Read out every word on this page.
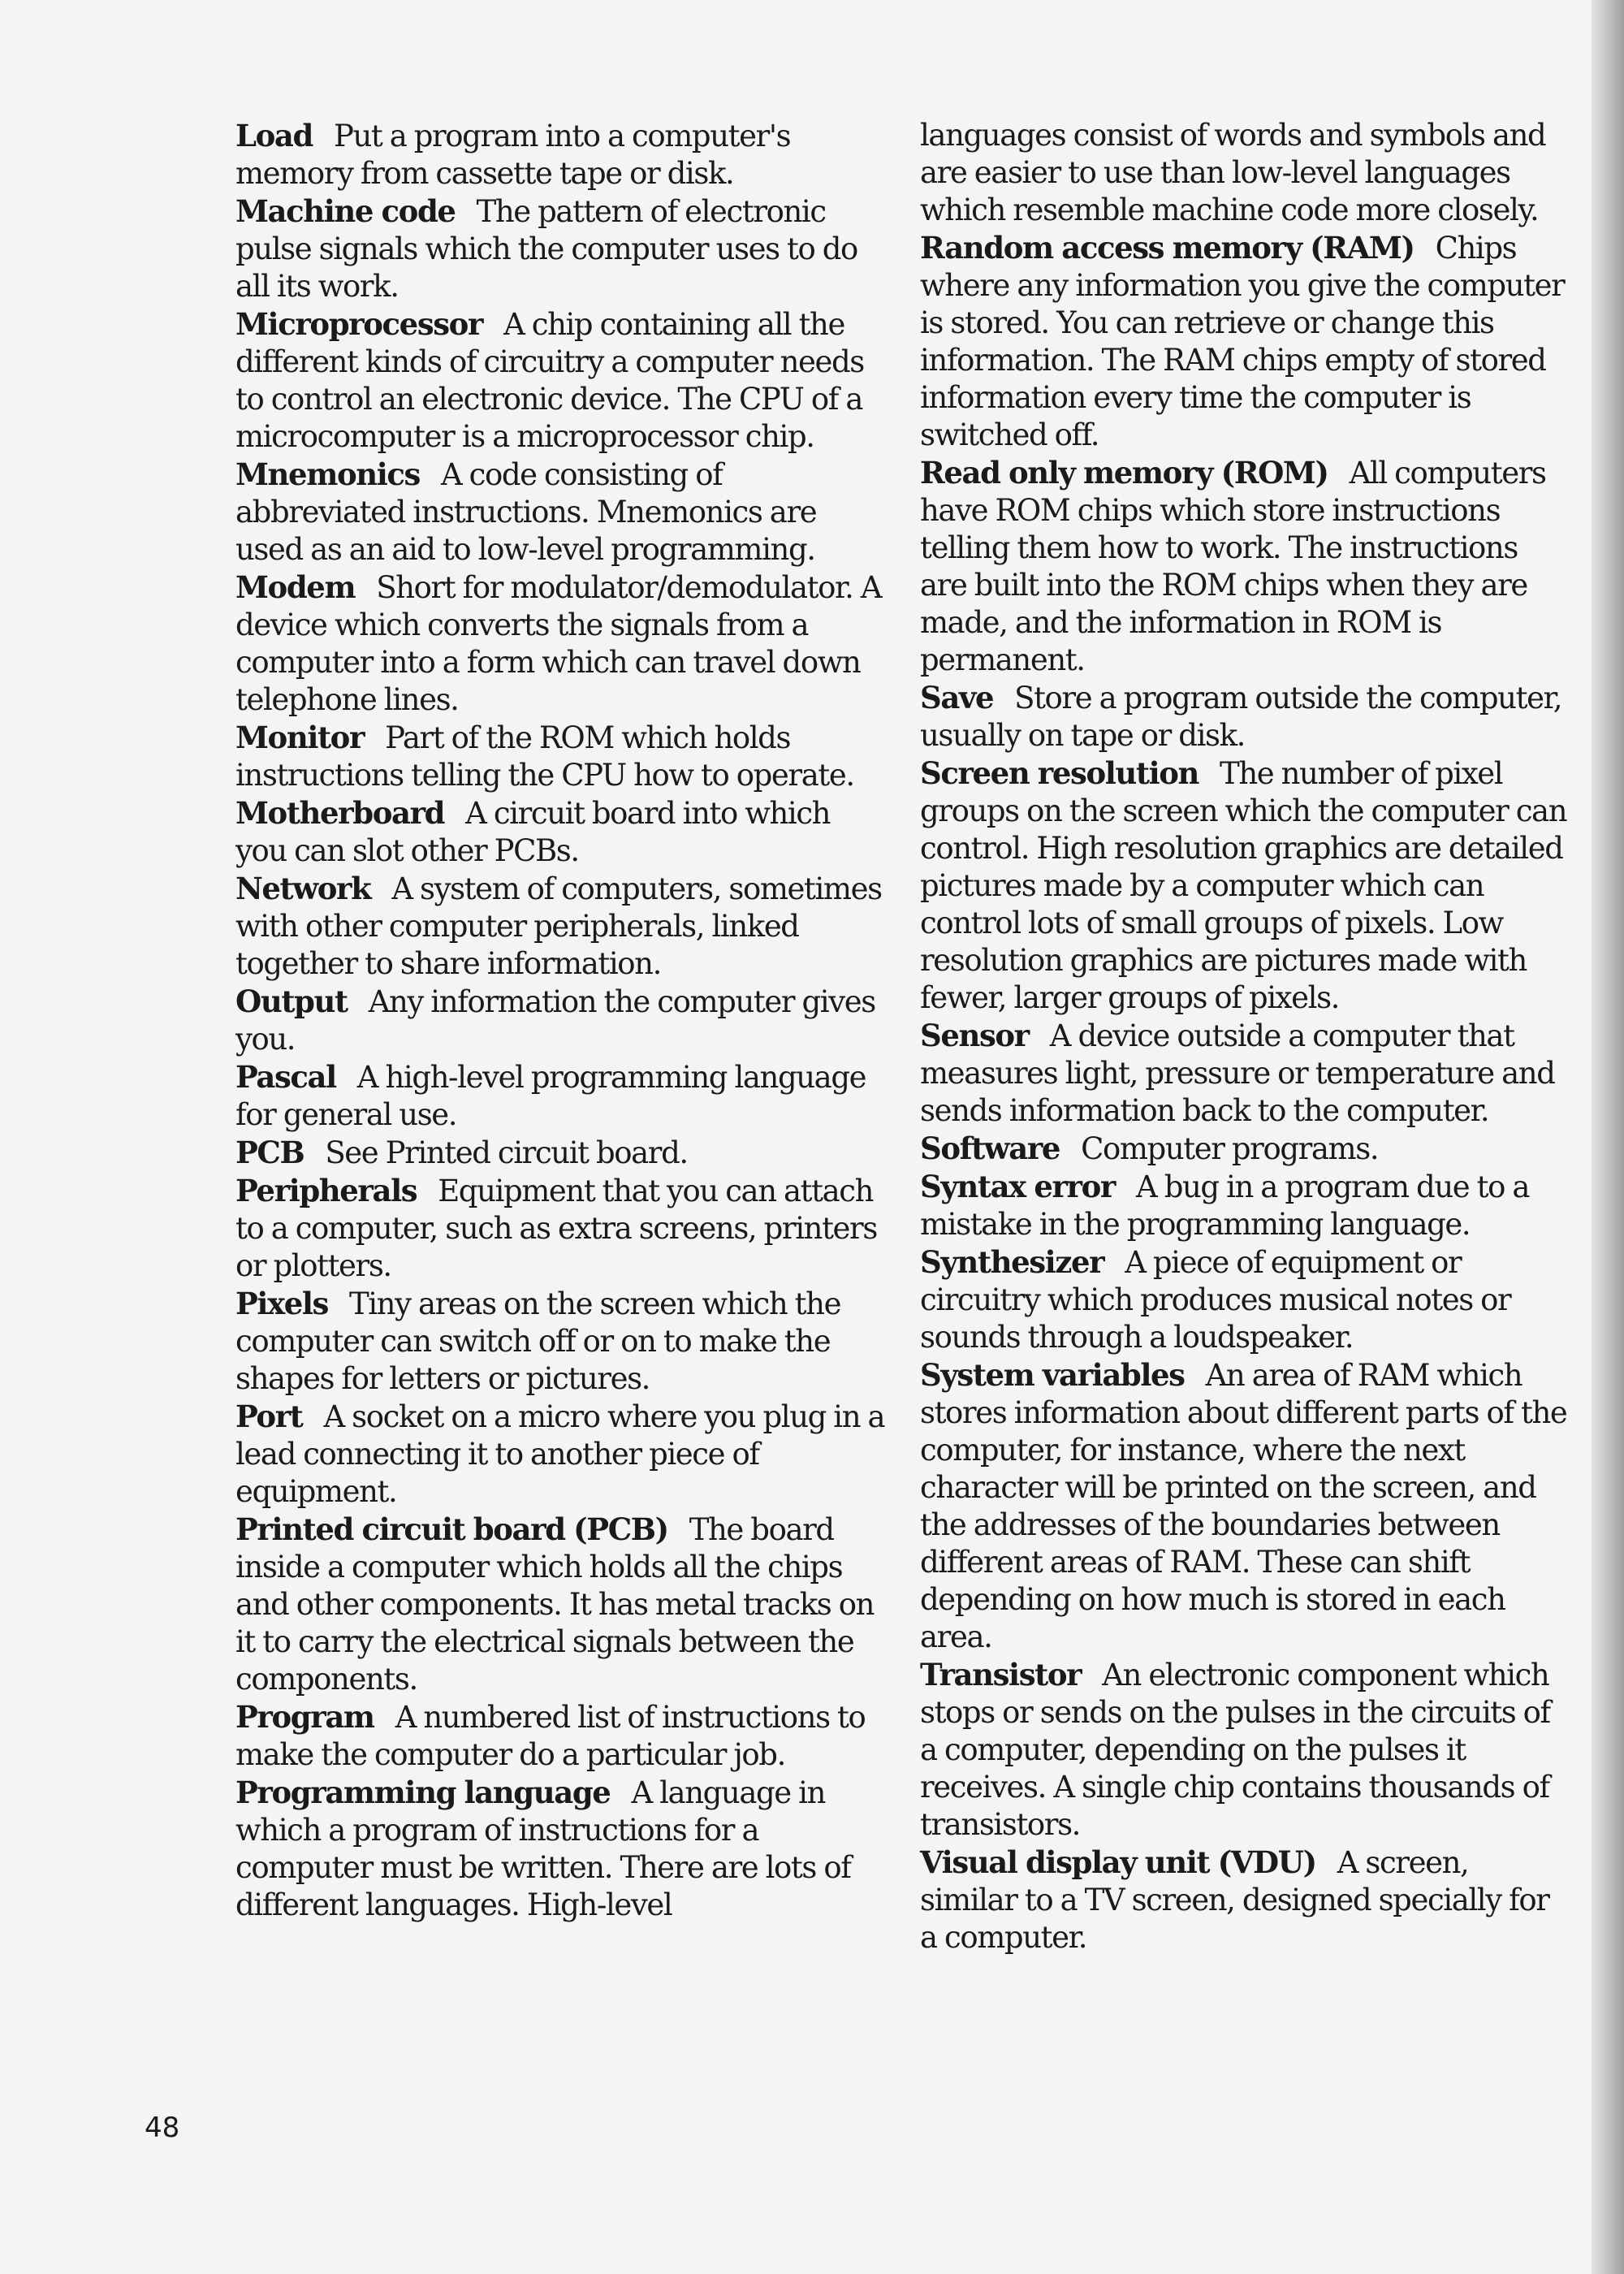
Load Put a program into a computer's memory from cassette tape or disk.

Machine code The pattern of electronic pulse signals which the computer uses to do all its work.

Microprocessor A chip containing all the different kinds of circuitry a computer needs to control an electronic device. The CPU of a microcomputer is a microprocessor chip.

Mnemonics A code consisting of abbreviated instructions. Mnemonics are used as an aid to low-level programming.

Modem Short for modulator/demodulator. A device which converts the signals from a computer into a form which can travel down telephone lines.

Monitor Part of the ROM which holds instructions telling the CPU how to operate.

Motherboard A circuit board into which you can slot other PCBs.

Network A system of computers, sometimes with other computer peripherals, linked together to share information.

Output Any information the computer gives you.

Pascal A high-level programming language for general use.

PCB See Printed circuit board.

Peripherals Equipment that you can attach to a computer, such as extra screens, printers or plotters.

Pixels Tiny areas on the screen which the computer can switch off or on to make the shapes for letters or pictures.

Port A socket on a micro where you plug in a lead connecting it to another piece of equipment.

Printed circuit board (PCB) The board inside a computer which holds all the chips and other components. It has metal tracks on it to carry the electrical signals between the components.

Program A numbered list of instructions to make the computer do a particular job.

Programming language A language in which a program of instructions for a computer must be written. There are lots of different languages. High-level

languages consist of words and symbols and are easier to use than low-level languages which resemble machine code more closely.

Random access memory (RAM) Chips where any information you give the computer is stored. You can retrieve or change this information. The RAM chips empty of stored information every time the computer is switched off.

Read only memory (ROM) All computers have ROM chips which store instructions telling them how to work. The instructions are built into the ROM chips when they are made, and the information in ROM is permanent.

Save Store a program outside the computer, usually on tape or disk.

Screen resolution The number of pixel groups on the screen which the computer can control. High resolution graphics are detailed pictures made by a computer which can control lots of small groups of pixels. Low resolution graphics are pictures made with fewer, larger groups of pixels.

Sensor A device outside a computer that measures light, pressure or temperature and sends information back to the computer.

Software Computer programs.

Syntax error A bug in a program due to a mistake in the programming language.

Synthesizer A piece of equipment or circuitry which produces musical notes or sounds through a loudspeaker.

System variables An area of RAM which stores information about different parts of the computer, for instance, where the next character will be printed on the screen, and the addresses of the boundaries between different areas of RAM. These can shift depending on how much is stored in each area.

Transistor An electronic component which stops or sends on the pulses in the circuits of a computer, depending on the pulses it receives. A single chip contains thousands of transistors.

Visual display unit (VDU) A screen, similar to a TV screen, designed specially for a computer.

48
